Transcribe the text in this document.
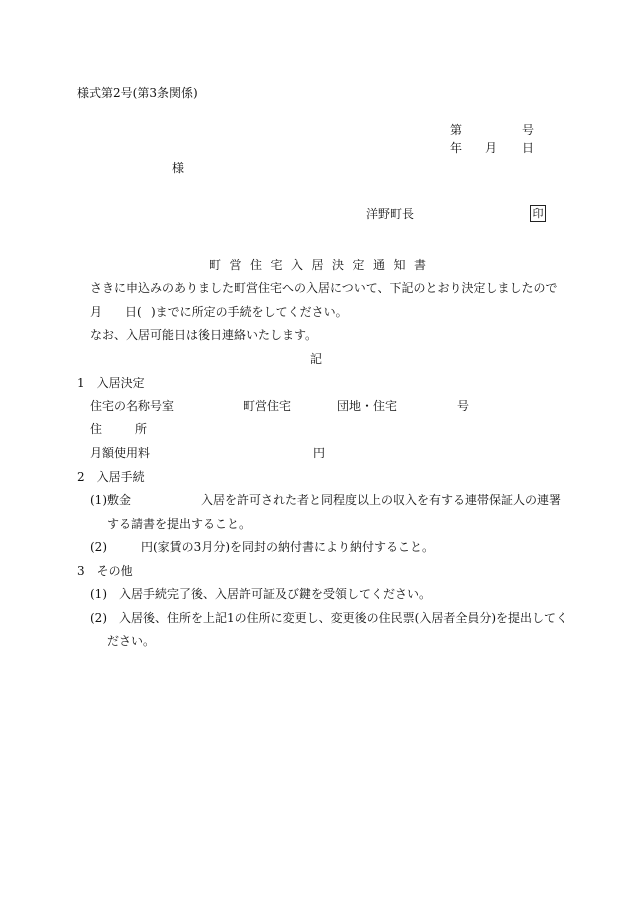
様式第2号(第3条関係)
第	号
年 月 日
様
洋野町長	印
町営住宅入居決定通知書
さきに申込みのありました町営住宅への入居について、下記のとおり決定しましたので
月 日( )までに所定の手続をしてください。
なお、入居可能日は後日連絡いたします。
記
1　入居決定
住宅の名称号室	町営住宅	団地・住宅	号
住	所
月額使用料	円
2　入居手続
(1)敷金	入居を許可された者と同程度以上の収入を有する連帯保証人の連署
する請書を提出すること。
(2)	円(家賃の3月分)を同封の納付書により納付すること。
3　その他
(1) 入居手続完了後、入居許可証及び鍵を受領してください。
(2) 入居後、住所を上記1の住所に変更し、変更後の住民票(入居者全員分)を提出してく
ださい。
